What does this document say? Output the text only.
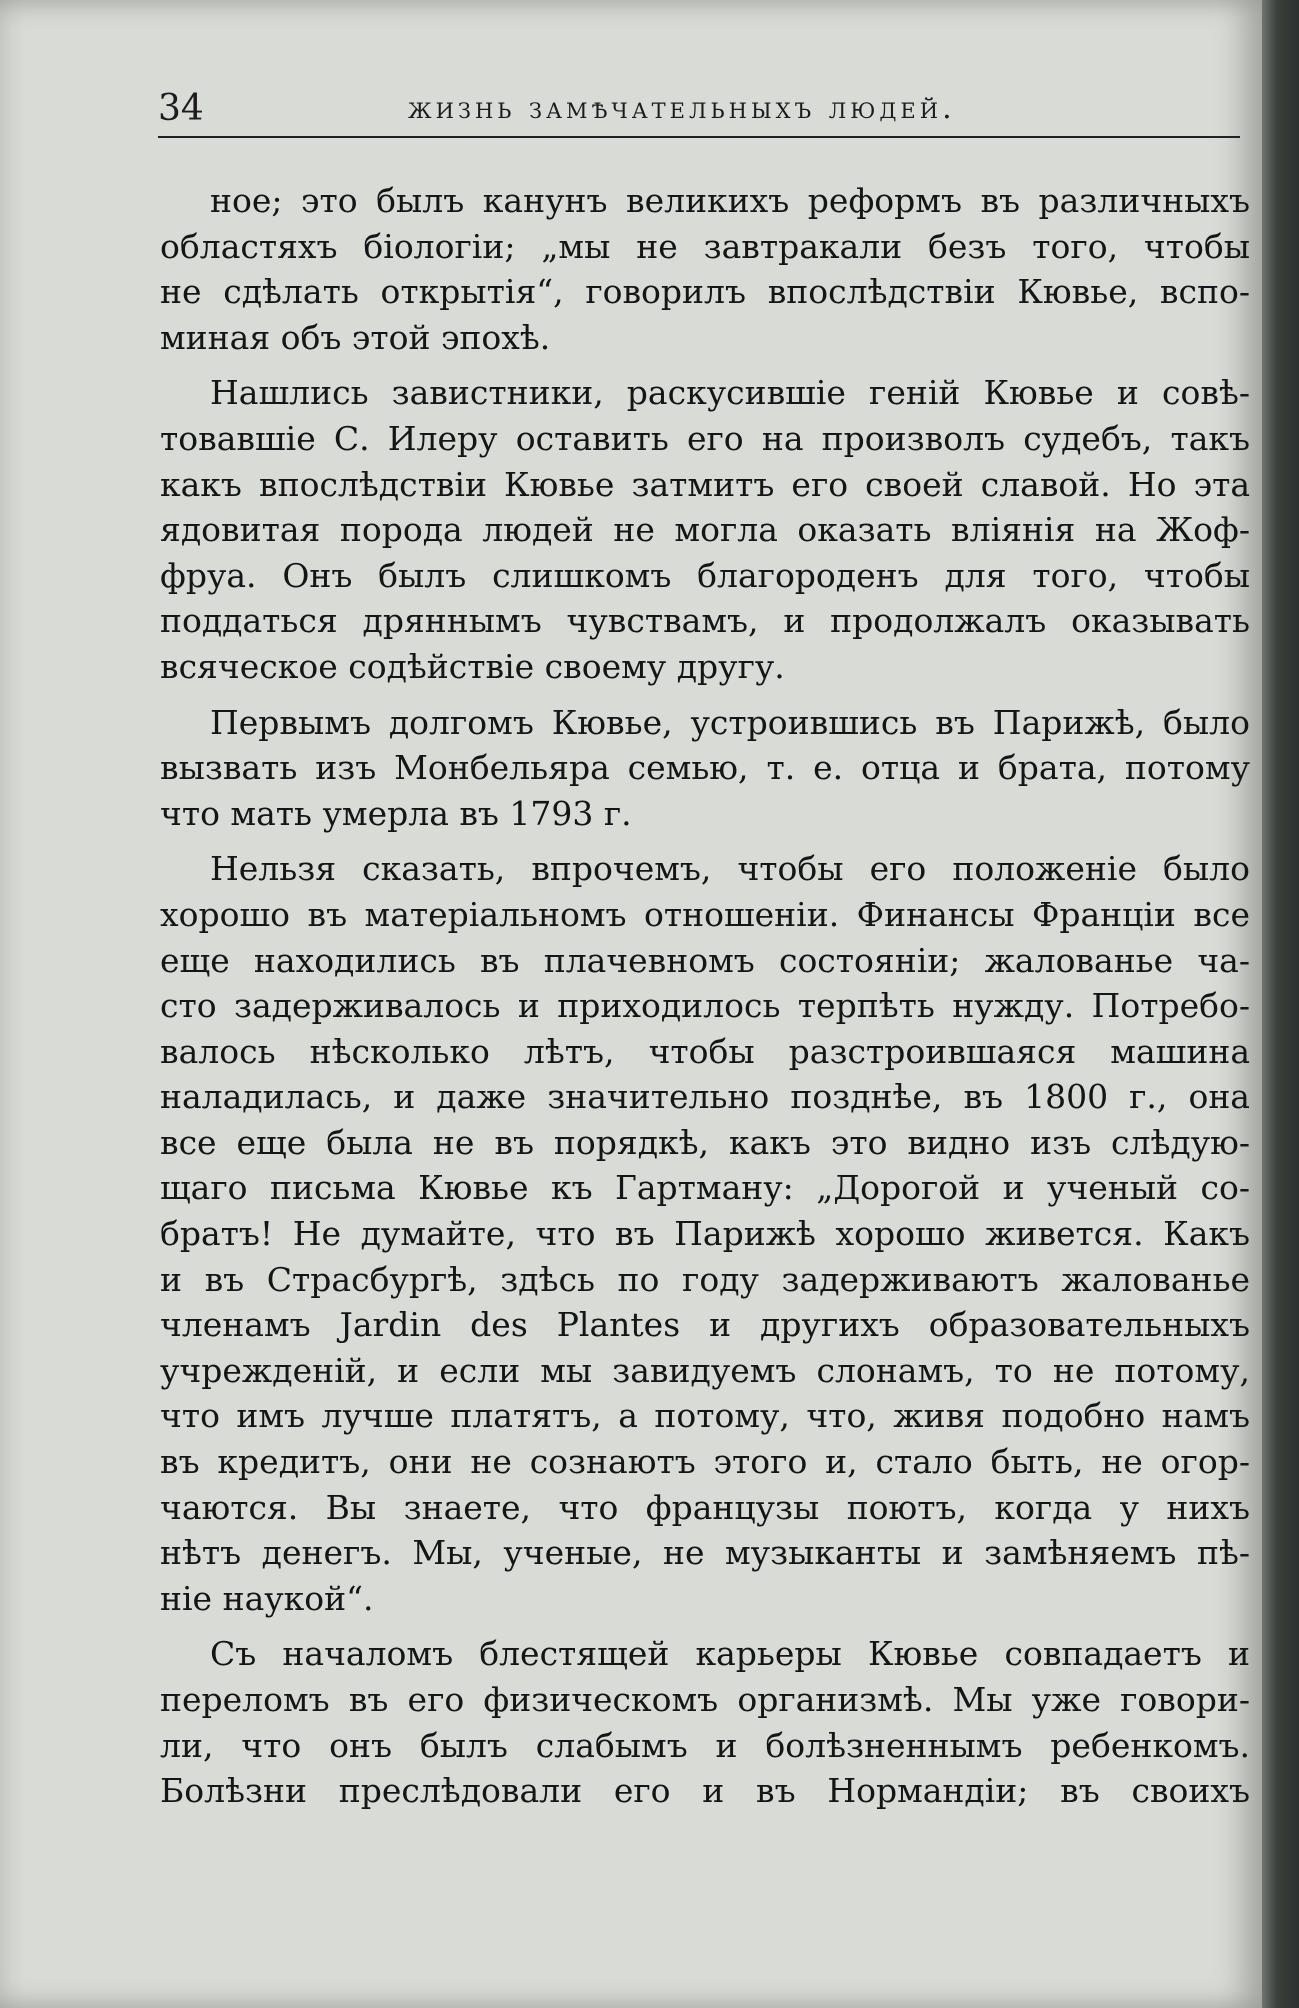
34	жизнь замѣчательныхъ людей.

ное; это былъ канунъ великихъ реформъ въ различныхъ
областяхъ біологіи; „мы не завтракали безъ того, чтобы
не сдѣлать открытія“, говорилъ впослѣдствіи Кювье, вспо-
миная объ этой эпохѣ.

Нашлись завистники, раскусившіе геній Кювье и совѣ-
товавшіе С. Илеру оставить его на произволъ судебъ, такъ
какъ впослѣдствіи Кювье затмитъ его своей славой. Но эта
ядовитая порода людей не могла оказать вліянія на Жоф-
фруа. Онъ былъ слишкомъ благороденъ для того, чтобы
поддаться дряннымъ чувствамъ, и продолжалъ оказывать
всяческое содѣйствіе своему другу.

Первымъ долгомъ Кювье, устроившись въ Парижѣ, было
вызвать изъ Монбельяра семью, т. е. отца и брата, потому
что мать умерла въ 1793 г.

Нельзя сказать, впрочемъ, чтобы его положеніе было
хорошо въ матеріальномъ отношеніи. Финансы Франціи все
еще находились въ плачевномъ состояніи; жалованье ча-
сто задерживалось и приходилось терпѣть нужду. Потребо-
валось нѣсколько лѣтъ, чтобы разстроившаяся машина
наладилась, и даже значительно позднѣе, въ 1800 г., она
все еще была не въ порядкѣ, какъ это видно изъ слѣдую-
щаго письма Кювье къ Гартману: „Дорогой и ученый со-
братъ! Не думайте, что въ Парижѣ хорошо живется. Какъ
и въ Страсбургѣ, здѣсь по году задерживаютъ жалованье
членамъ Jardin des Plantes и другихъ образовательныхъ
учрежденій, и если мы завидуемъ слонамъ, то не потому,
что имъ лучше платятъ, а потому, что, живя подобно намъ
въ кредитъ, они не сознаютъ этого и, стало быть, не огор-
чаются. Вы знаете, что французы поютъ, когда у нихъ
нѣтъ денегъ. Мы, ученые, не музыканты и замѣняемъ пѣ-
ніе наукой“.

Съ началомъ блестящей карьеры Кювье совпадаетъ и
переломъ въ его физическомъ организмѣ. Мы уже говори-
ли, что онъ былъ слабымъ и болѣзненнымъ ребенкомъ.
Болѣзни преслѣдовали его и въ Нормандіи; въ своихъ
